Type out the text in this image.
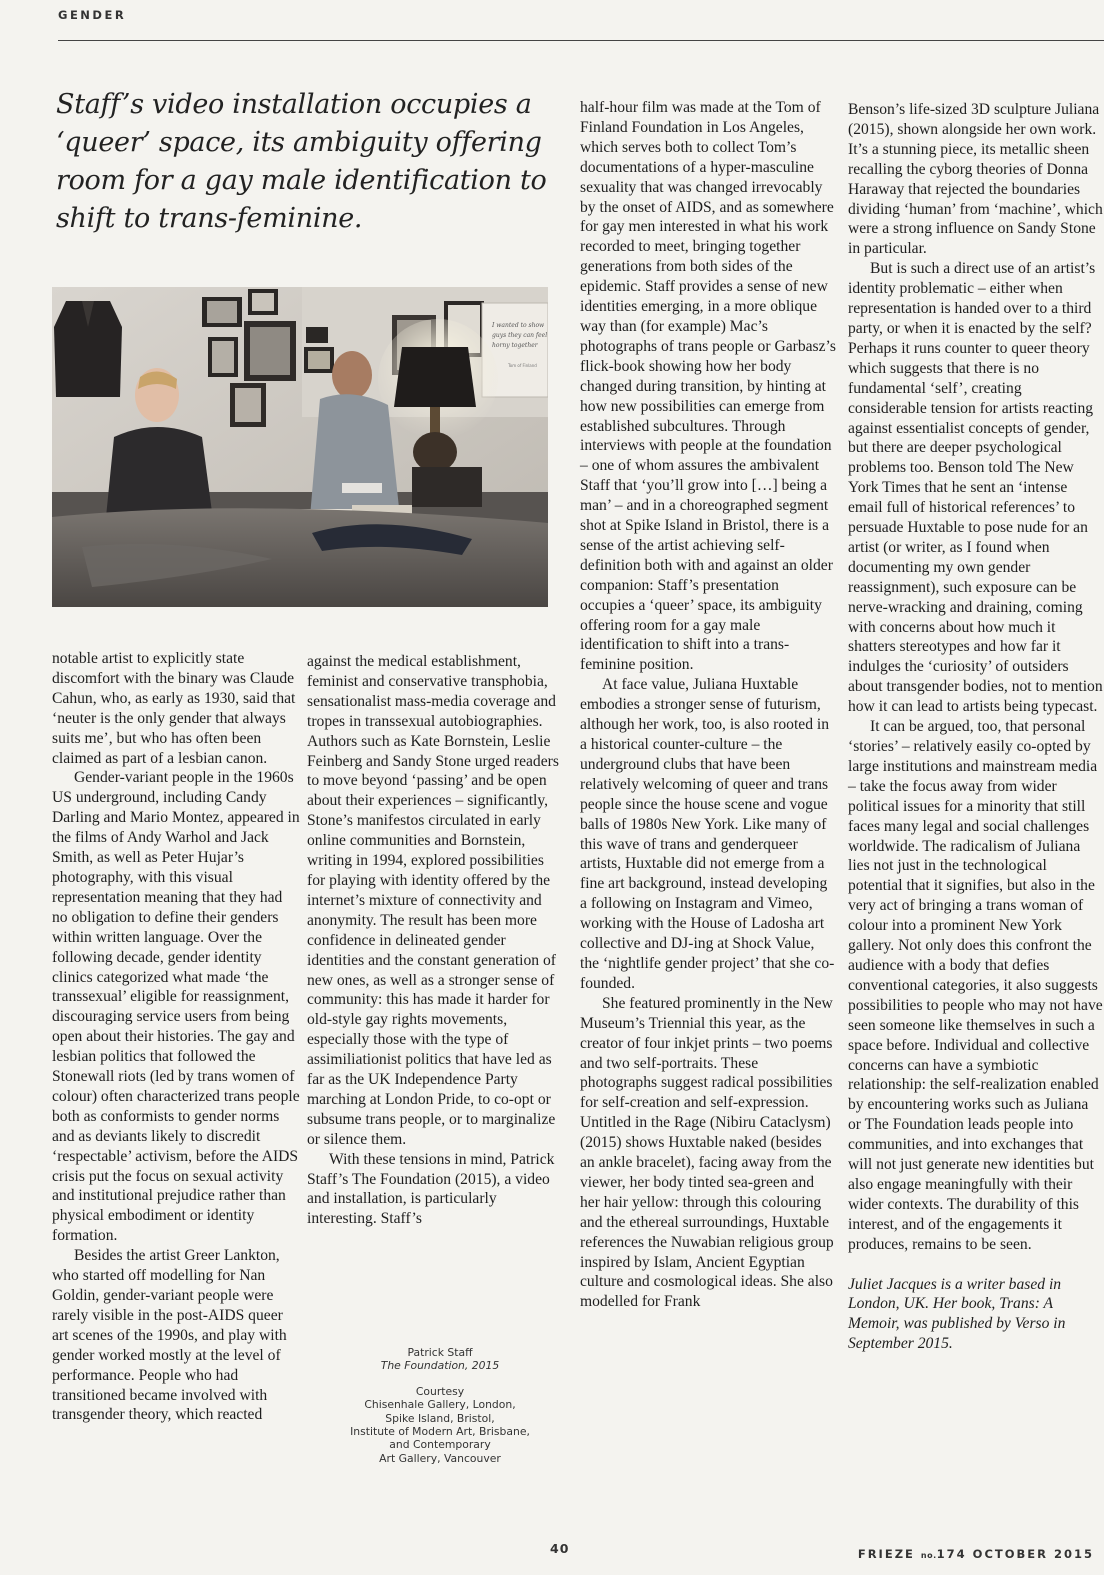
GENDER
Staff’s video installation occupies a ‘queer’ space, its ambiguity offering room for a gay male identification to shift to trans-feminine.
I wanted to show
guys they can feel
horny together
Tom of Finland

notable artist to explicitly state discomfort with the binary was Claude Cahun, who, as early as 1930, said that ‘neuter is the only gender that always suits me’, but who has often been claimed as part of a lesbian canon.

Gender-variant people in the 1960s US underground, including Candy Darling and Mario Montez, appeared in the films of Andy Warhol and Jack Smith, as well as Peter Hujar’s photography, with this visual representation meaning that they had no obligation to define their genders within written language. Over the following decade, gender identity clinics categorized what made ‘the transsexual’ eligible for reassignment, discouraging service users from being open about their histories. The gay and lesbian politics that followed the Stonewall riots (led by trans women of colour) often characterized trans people both as conformists to gender norms and as deviants likely to discredit ‘respectable’ activism, before the AIDS crisis put the focus on sexual activity and institutional prejudice rather than physical embodiment or identity formation.

Besides the artist Greer Lankton, who started off modelling for Nan Goldin, gender-variant people were rarely visible in the post-AIDS queer art scenes of the 1990s, and play with gender worked mostly at the level of performance. People who had transitioned became involved with transgender theory, which reacted

against the medical establishment, feminist and conservative transphobia, sensationalist mass-media coverage and tropes in transsexual autobiographies. Authors such as Kate Bornstein, Leslie Feinberg and Sandy Stone urged readers to move beyond ‘passing’ and be open about their experiences – significantly, Stone’s manifestos circulated in early online communities and Bornstein, writing in 1994, explored possibilities for playing with identity offered by the internet’s mixture of connectivity and anonymity. The result has been more confidence in delineated gender identities and the constant generation of new ones, as well as a stronger sense of community: this has made it harder for old-style gay rights movements, especially those with the type of assimiliationist politics that have led as far as the UK Independence Party marching at London Pride, to co-opt or subsume trans people, or to marginalize or silence them.

With these tensions in mind, Patrick Staff’s The Foundation (2015), a video and installation, is particularly interesting. Staff’s

Patrick Staff
The Foundation, 2015
Courtesy
Chisenhale Gallery, London,
Spike Island, Bristol,
Institute of Modern Art, Brisbane,
and Contemporary
Art Gallery, Vancouver

half-hour film was made at the Tom of Finland Foundation in Los Angeles, which serves both to collect Tom’s documentations of a hyper-masculine sexuality that was changed irrevocably by the onset of AIDS, and as somewhere for gay men interested in what his work recorded to meet, bringing together generations from both sides of the epidemic. Staff provides a sense of new identities emerging, in a more oblique way than (for example) Mac’s photographs of trans people or Garbasz’s flick-book showing how her body changed during transition, by hinting at how new possibilities can emerge from established subcultures. Through interviews with people at the foundation – one of whom assures the ambivalent Staff that ‘you’ll grow into […] being a man’ – and in a choreographed segment shot at Spike Island in Bristol, there is a sense of the artist achieving self-definition both with and against an older companion: Staff’s presentation occupies a ‘queer’ space, its ambiguity offering room for a gay male identification to shift into a trans-feminine position.

At face value, Juliana Huxtable embodies a stronger sense of futurism, although her work, too, is also rooted in a historical counter-culture – the underground clubs that have been relatively welcoming of queer and trans people since the house scene and vogue balls of 1980s New York. Like many of this wave of trans and genderqueer artists, Huxtable did not emerge from a fine art background, instead developing a following on Instagram and Vimeo, working with the House of Ladosha art collective and DJ-ing at Shock Value, the ‘nightlife gender project’ that she co-founded.

She featured prominently in the New Museum’s Triennial this year, as the creator of four inkjet prints – two poems and two self-portraits. These photographs suggest radical possibilities for self-creation and self-expression. Untitled in the Rage (Nibiru Cataclysm) (2015) shows Huxtable naked (besides an ankle bracelet), facing away from the viewer, her body tinted sea-green and her hair yellow: through this colouring and the ethereal surroundings, Huxtable references the Nuwabian religious group inspired by Islam, Ancient Egyptian culture and cosmological ideas. She also modelled for Frank

Benson’s life-sized 3D sculpture Juliana (2015), shown alongside her own work. It’s a stunning piece, its metallic sheen recalling the cyborg theories of Donna Haraway that rejected the boundaries dividing ‘human’ from ‘machine’, which were a strong influence on Sandy Stone in particular.

But is such a direct use of an artist’s identity problematic – either when representation is handed over to a third party, or when it is enacted by the self? Perhaps it runs counter to queer theory which suggests that there is no fundamental ‘self’, creating considerable tension for artists reacting against essentialist concepts of gender, but there are deeper psychological problems too. Benson told The New York Times that he sent an ‘intense email full of historical references’ to persuade Huxtable to pose nude for an artist (or writer, as I found when documenting my own gender reassignment), such exposure can be nerve-wracking and draining, coming with concerns about how much it shatters stereotypes and how far it indulges the ‘curiosity’ of outsiders about transgender bodies, not to mention how it can lead to artists being typecast.

It can be argued, too, that personal ‘stories’ – relatively easily co-opted by large institutions and mainstream media – take the focus away from wider political issues for a minority that still faces many legal and social challenges worldwide. The radicalism of Juliana lies not just in the technological potential that it signifies, but also in the very act of bringing a trans woman of colour into a prominent New York gallery. Not only does this confront the audience with a body that defies conventional categories, it also suggests possibilities to people who may not have seen someone like themselves in such a space before. Individual and collective concerns can have a symbiotic relationship: the self-realization enabled by encountering works such as Juliana or The Foundation leads people into communities, and into exchanges that will not just generate new identities but also engage meaningfully with their wider contexts. The durability of this interest, and of the engagements it produces, remains to be seen.

Juliet Jacques is a writer based in London, UK. Her book, Trans: A Memoir, was published by Verso in September 2015.

40	FRIEZE no.174 OCTOBER 2015
